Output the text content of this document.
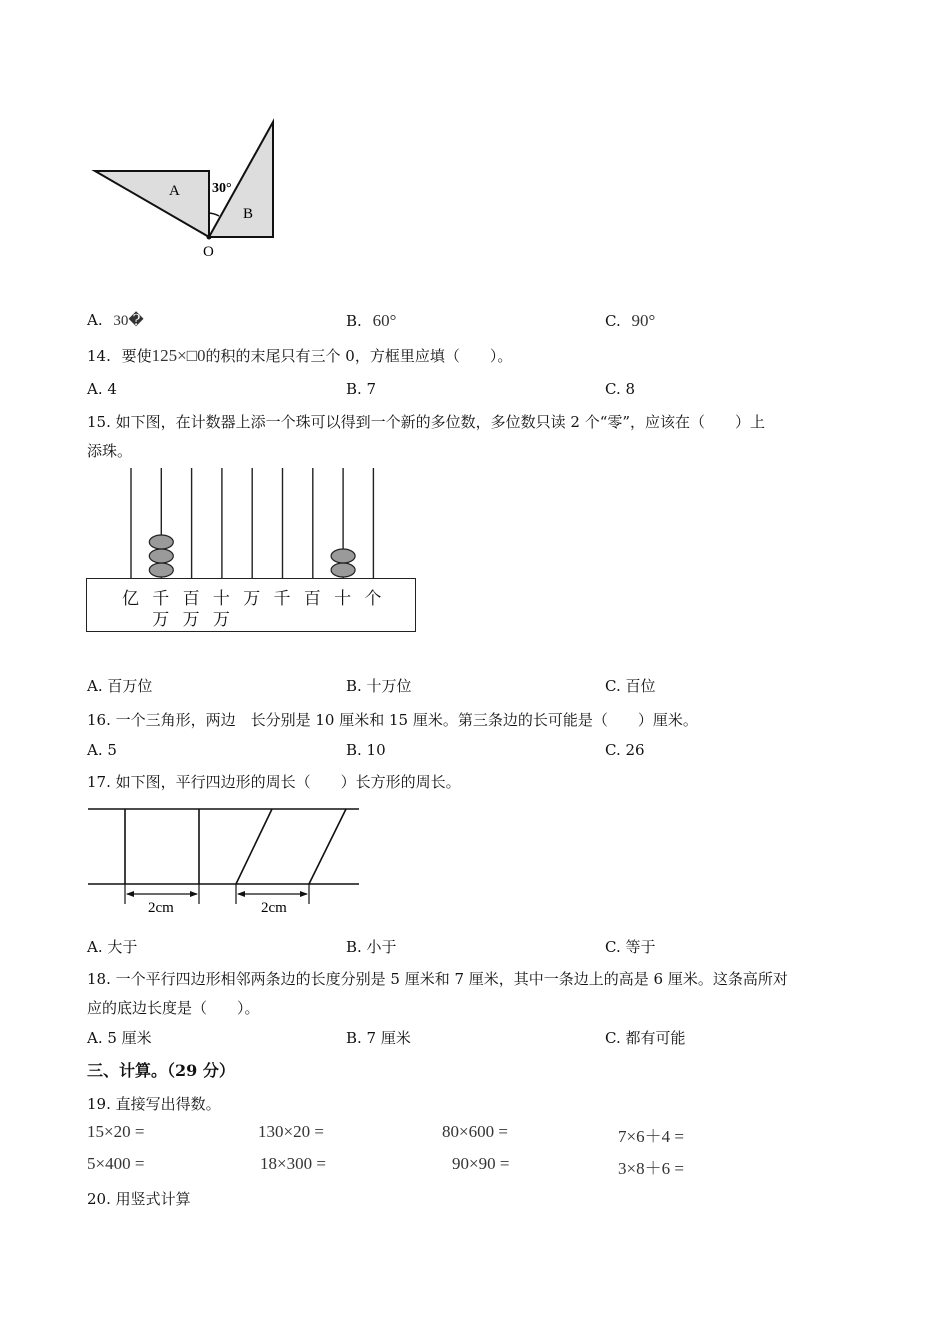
A
B
O
30°
A. 30�	B. 60°	C. 90°
14. 要使125×□0的积的末尾只有三个 0，方框里应填（　　）。
A. 4	B. 7	C. 8
15. 如下图，在计数器上添一个珠可以得到一个新的多位数，多位数只读 2 个“零”，应该在（　　）上
添珠。
亿 千 百 十 万 千 百 十 个
万 万 万
A. 百万位	B. 十万位	C. 百位
16. 一个三角形，两边　长分别是 10 厘米和 15 厘米。第三条边的长可能是（　　）厘米。
A. 5	B. 10	C. 26
17. 如下图，平行四边形的周长（　　）长方形的周长。
2cm	2cm
A. 大于	B. 小于	C. 等于
18. 一个平行四边形相邻两条边的长度分别是 5 厘米和 7 厘米，其中一条边上的高是 6 厘米。这条高所对
应的底边长度是（　　）。
A. 5 厘米	B. 7 厘米	C. 都有可能
三、计算。（29 分）
19. 直接写出得数。
15×20 =	130×20 =	80×600 =	7×6＋4 =
5×400 =	18×300 =	90×90 =	3×8＋6 =
20. 用竖式计算
